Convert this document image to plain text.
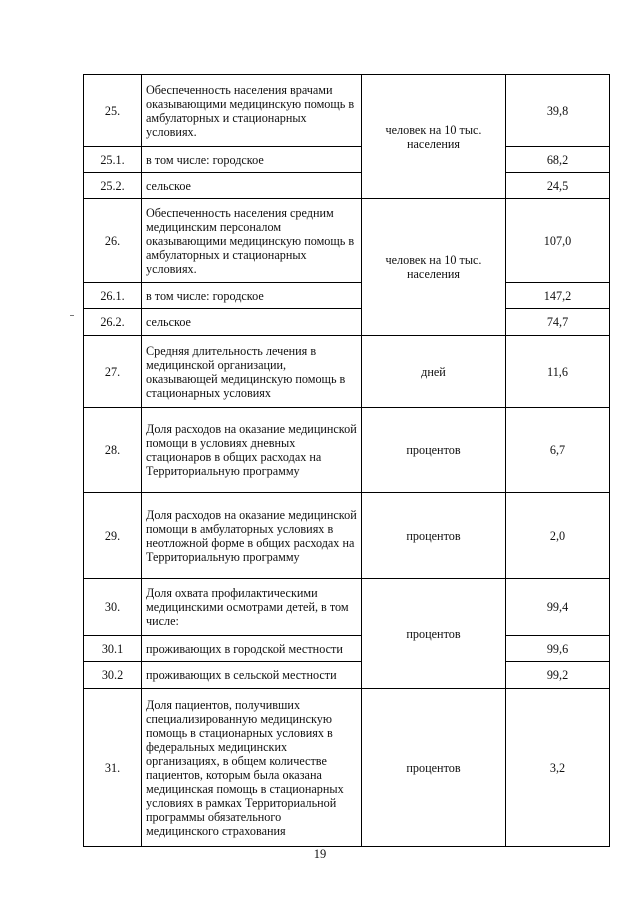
25.	Обеспеченность населения врачами оказывающими медицинскую помощь в амбулаторных и стационарных условиях.	человек на 10 тыс. населения	39,8
25.1.	в том числе: городское		68,2
25.2.	сельское		24,5
26.	Обеспеченность населения средним медицинским персоналом оказывающими медицинскую помощь в амбулаторных и стационарных условиях.	человек на 10 тыс. населения	107,0
26.1.	в том числе: городское		147,2
26.2.	сельское		74,7
27.	Средняя длительность лечения в медицинской организации, оказывающей медицинскую помощь в стационарных условиях	дней	11,6
28.	Доля расходов на оказание медицинской помощи в условиях дневных стационаров в общих расходах на Территориальную программу	процентов	6,7
29.	Доля расходов на оказание медицинской помощи в амбулаторных условиях в неотложной форме в общих расходах на Территориальную программу	процентов	2,0
30.	Доля охвата профилактическими медицинскими осмотрами детей, в том числе:	процентов	99,4
30.1	проживающих в городской местности		99,6
30.2	проживающих в сельской местности		99,2
31.	Доля пациентов, получивших специализированную медицинскую помощь в стационарных условиях в федеральных медицинских организациях, в общем количестве пациентов, которым была оказана медицинская помощь в стационарных условиях в рамках Территориальной программы обязательного медицинского страхования	процентов	3,2
19
